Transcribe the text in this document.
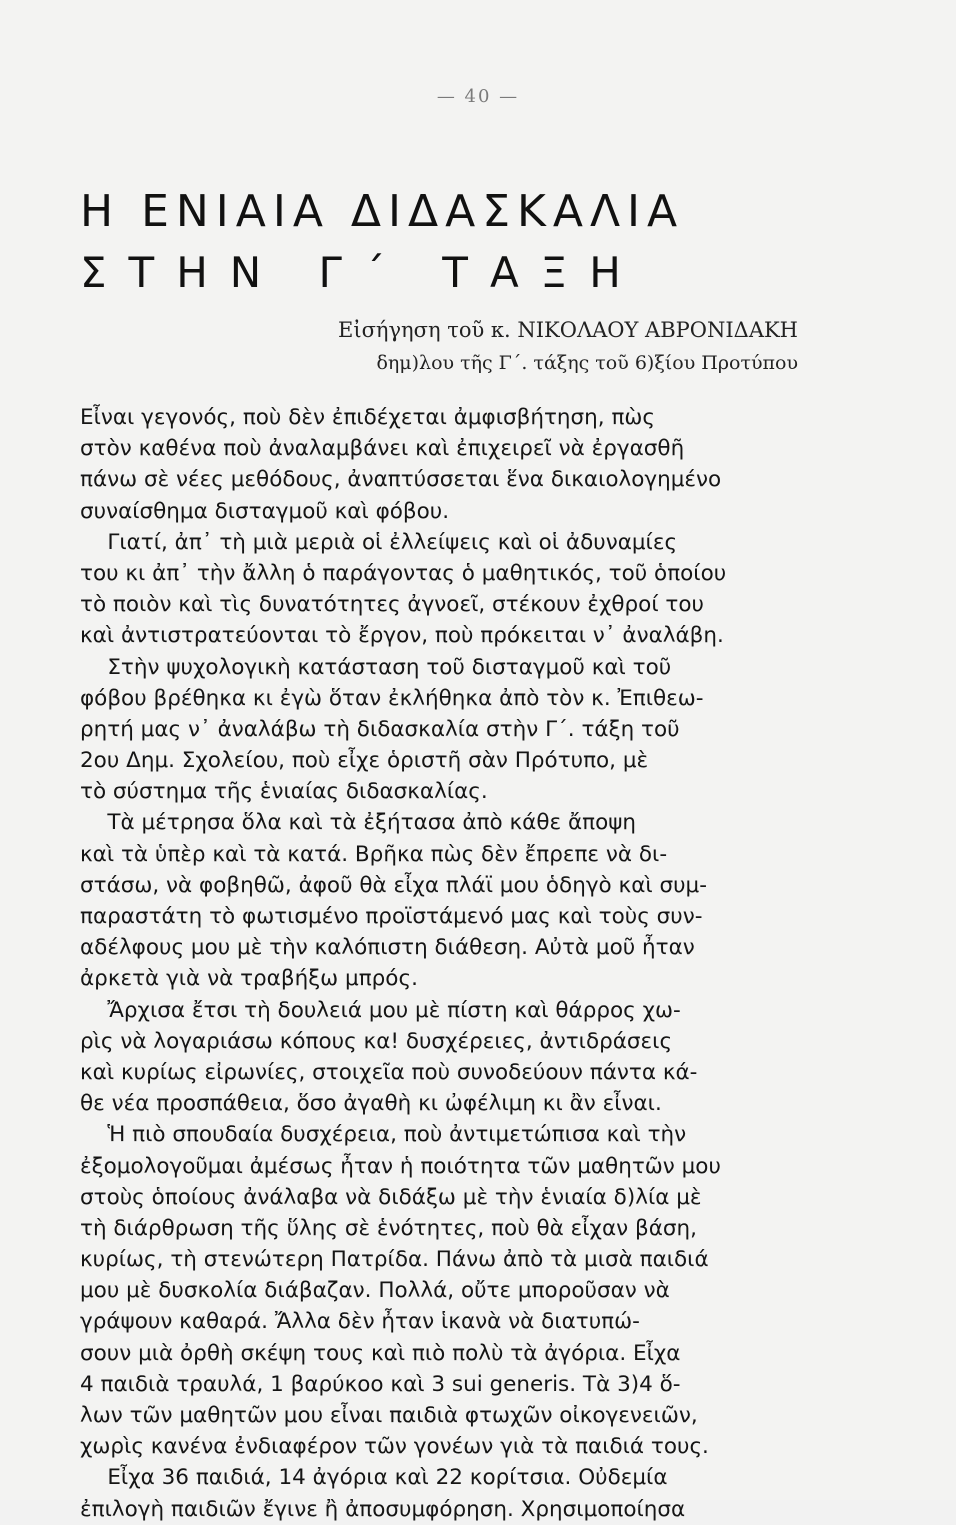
— 40 —
Η ΕΝΙΑΙΑ ΔΙΔΑΣΚΑΛΙΑ
ΣΤΗΝ Γ΄ ΤΑΞΗ
Εἰσήγηση τοῦ κ. ΝΙΚΟΛΑΟΥ ΑΒΡΟΝΙΔΑΚΗ
δημ)λου τῆς Γ΄. τάξης τοῦ 6)ξίου Προτύπου
Εἶναι γεγονός, ποὺ δὲν ἐπιδέχεται ἀμφισβήτηση, πὼς
στὸν καθένα ποὺ ἀναλαμβάνει καὶ ἐπιχειρεῖ νὰ ἐργασθῆ
πάνω σὲ νέες μεθόδους, ἀναπτύσσεται ἕνα δικαιολογημένο
συναίσθημα δισταγμοῦ καὶ φόβου.
Γιατί, ἀπ᾽ τὴ μιὰ μεριὰ οἱ ἐλλείψεις καὶ οἱ ἀδυναμίες
του κι ἀπ᾽ τὴν ἄλλη ὁ παράγοντας ὁ μαθητικός, τοῦ ὁποίου
τὸ ποιὸν καὶ τὶς δυνατότητες ἀγνοεῖ, στέκουν ἐχθροί του
καὶ ἀντιστρατεύονται τὸ ἔργον, ποὺ πρόκειται ν᾽ ἀναλάβη.
Στὴν ψυχολογικὴ κατάσταση τοῦ δισταγμοῦ καὶ τοῦ
φόβου βρέθηκα κι ἐγὼ ὅταν ἐκλήθηκα ἀπὸ τὸν κ. Ἐπιθεω-
ρητή μας ν᾽ ἀναλάβω τὴ διδασκαλία στὴν Γ΄. τάξη τοῦ
2ου Δημ. Σχολείου, ποὺ εἶχε ὁριστῆ σὰν Πρότυπο, μὲ
τὸ σύστημα τῆς ἑνιαίας διδασκαλίας.
Τὰ μέτρησα ὅλα καὶ τὰ ἐξήτασα ἀπὸ κάθε ἄποψη
καὶ τὰ ὑπὲρ καὶ τὰ κατά. Βρῆκα πὼς δὲν ἔπρεπε νὰ δι-
στάσω, νὰ φοβηθῶ, ἀφοῦ θὰ εἶχα πλάϊ μου ὁδηγὸ καὶ συμ-
παραστάτη τὸ φωτισμένο προϊστάμενό μας καὶ τοὺς συν-
αδέλφους μου μὲ τὴν καλόπιστη διάθεση. Αὐτὰ μοῦ ἦταν
ἀρκετὰ γιὰ νὰ τραβήξω μπρός.
Ἄρχισα ἔτσι τὴ δουλειά μου μὲ πίστη καὶ θάρρος χω-
ρὶς νὰ λογαριάσω κόπους κα! δυσχέρειες, ἀντιδράσεις
καὶ κυρίως εἰρωνίες, στοιχεῖα ποὺ συνοδεύουν πάντα κά-
θε νέα προσπάθεια, ὅσο ἀγαθὴ κι ὠφέλιμη κι ἂν εἶναι.
Ἡ πιὸ σπουδαία δυσχέρεια, ποὺ ἀντιμετώπισα καὶ τὴν
ἐξομολογοῦμαι ἀμέσως ἦταν ἡ ποιότητα τῶν μαθητῶν μου
στοὺς ὁποίους ἀνάλαβα νὰ διδάξω μὲ τὴν ἑνιαία δ)λία μὲ
τὴ διάρθρωση τῆς ὕλης σὲ ἑνότητες, ποὺ θὰ εἶχαν βάση,
κυρίως, τὴ στενώτερη Πατρίδα. Πάνω ἀπὸ τὰ μισὰ παιδιά
μου μὲ δυσκολία διάβαζαν. Πολλά, οὔτε μποροῦσαν νὰ
γράψουν καθαρά. Ἄλλα δὲν ἦταν ἱκανὰ νὰ διατυπώ-
σουν μιὰ ὀρθὴ σκέψη τους καὶ πιὸ πολὺ τὰ ἀγόρια. Εἶχα
4 παιδιὰ τραυλά, 1 βαρύκοο καὶ 3 sui generis. Τὰ 3)4 ὅ-
λων τῶν μαθητῶν μου εἶναι παιδιὰ φτωχῶν οἰκογενειῶν,
χωρὶς κανένα ἐνδιαφέρον τῶν γονέων γιὰ τὰ παιδιά τους.
Εἶχα 36 παιδιά, 14 ἀγόρια καὶ 22 κορίτσια. Οὐδεμία
ἐπιλογὴ παιδιῶν ἔγινε ἢ ἀποσυμφόρηση. Χρησιμοποίησα
